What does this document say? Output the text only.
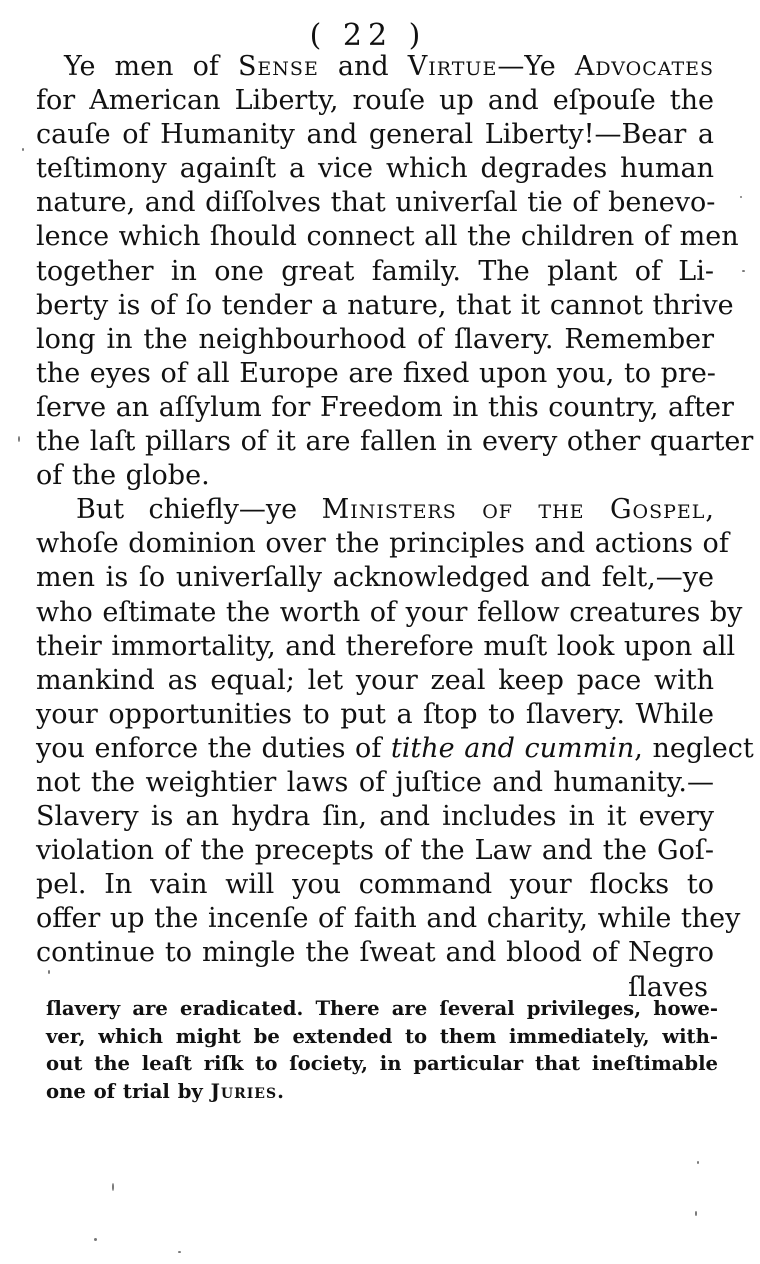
( 22 )
Ye men of Sense and Virtue—Ye Advocates
for American Liberty, rouſe up and eſpouſe the
cauſe of Humanity and general Liberty!—Bear a
teſtimony againſt a vice which degrades human
nature, and diſſolves that univerſal tie of benevo-
lence which ſhould connect all the children of men
together in one great family. The plant of Li-
berty is of ſo tender a nature, that it cannot thrive
long in the neighbourhood of ſlavery. Remember
the eyes of all Europe are fixed upon you, to pre-
ſerve an aſſylum for Freedom in this country, after
the laſt pillars of it are fallen in every other quarter
of the globe.
But chiefly—ye Ministers of the Gospel,
whoſe dominion over the principles and actions of
men is ſo univerſally acknowledged and felt,—ye
who eſtimate the worth of your fellow creatures by
their immortality, and therefore muſt look upon all
mankind as equal; let your zeal keep pace with
your opportunities to put a ſtop to ſlavery. While
you enforce the duties of tithe and cummin, neglect
not the weightier laws of juſtice and humanity.—
Slavery is an hydra ſin, and includes in it every
violation of the precepts of the Law and the Goſ-
pel. In vain will you command your flocks to
offer up the incenſe of faith and charity, while they
continue to mingle the ſweat and blood of Negro
ſlaves
ſlavery are eradicated. There are ſeveral privileges, howe-
ver, which might be extended to them immediately, with-
out the leaſt riſk to ſociety, in particular that ineſtimable
one of trial by Juries.
